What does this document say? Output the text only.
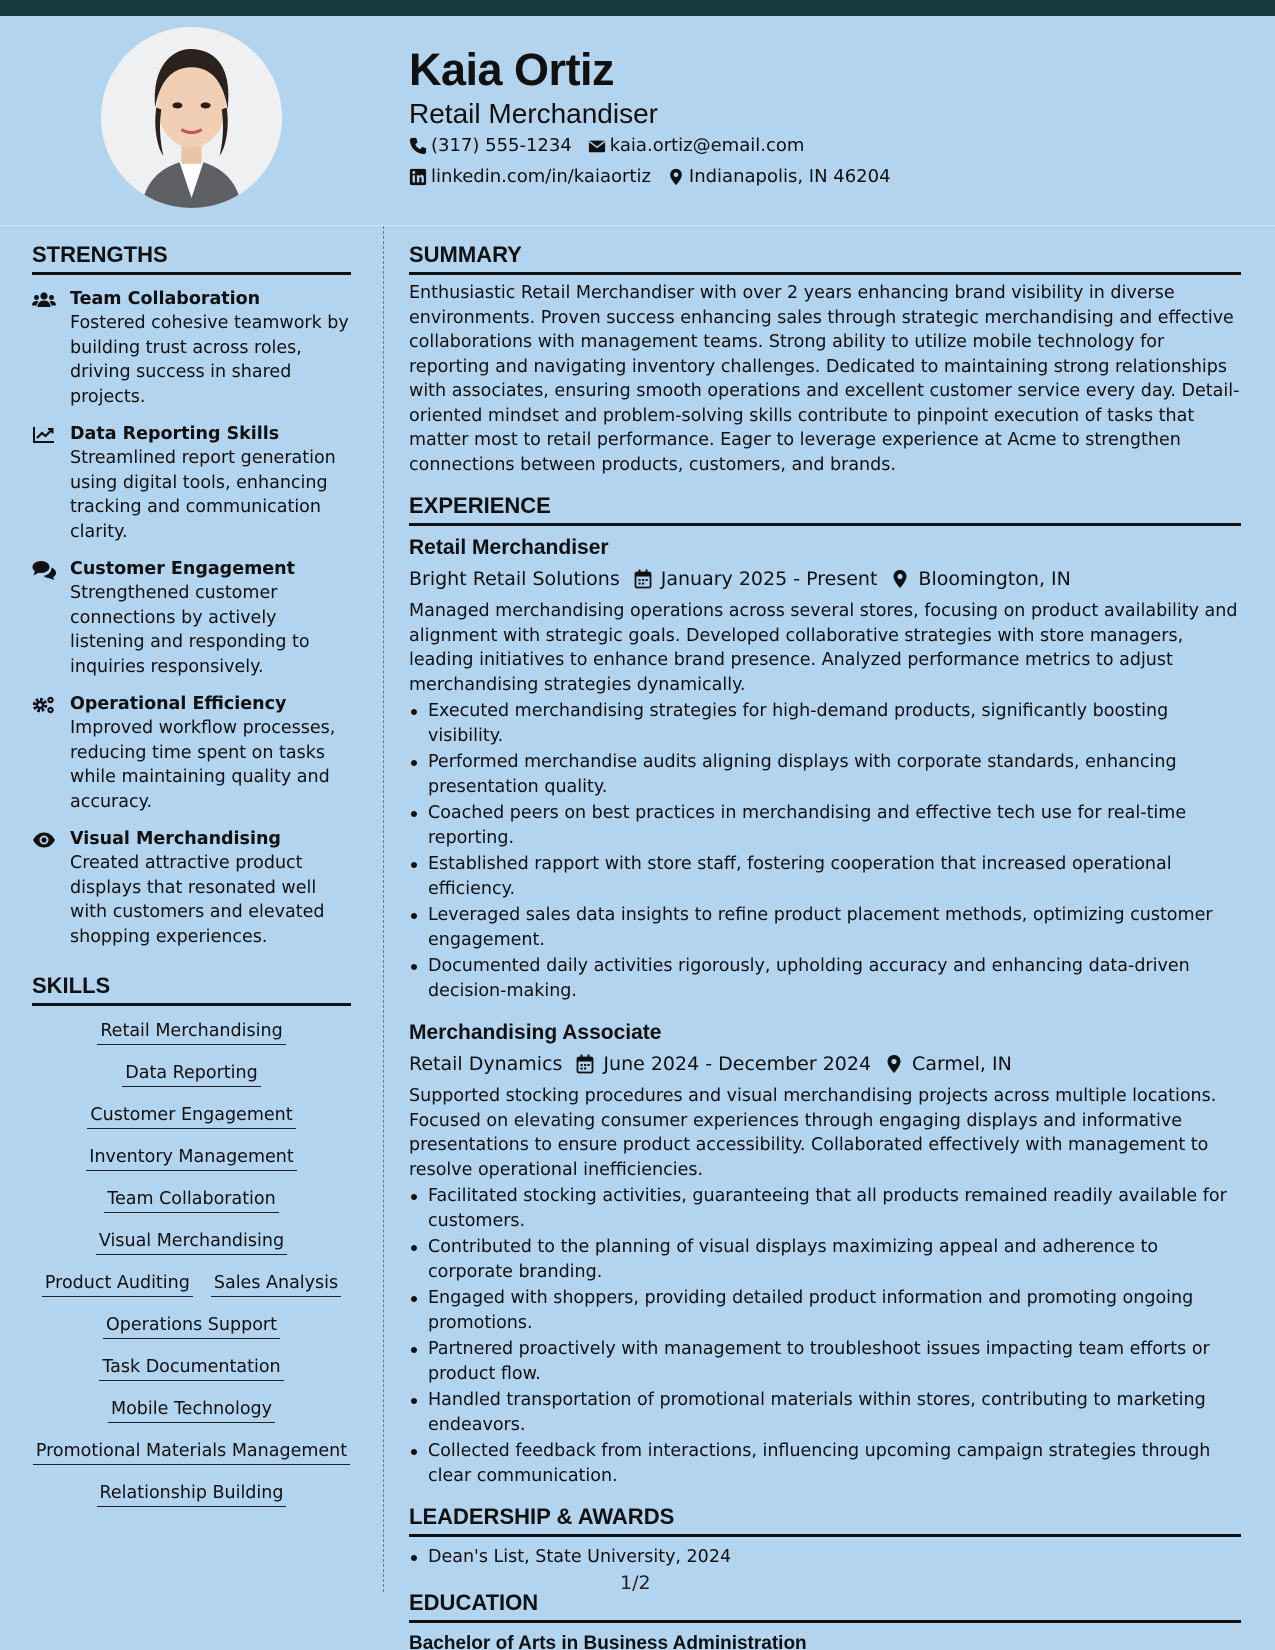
Kaia Ortiz
Retail Merchandiser
(317) 555-1234 kaia.ortiz@email.com
linkedin.com/in/kaiaortiz Indianapolis, IN 46204
STRENGTHS
Team Collaboration
Fostered cohesive teamwork by building trust across roles, driving success in shared projects.
Data Reporting Skills
Streamlined report generation using digital tools, enhancing tracking and communication clarity.
Customer Engagement
Strengthened customer connections by actively listening and responding to inquiries responsively.
Operational Efficiency
Improved workflow processes, reducing time spent on tasks while maintaining quality and accuracy.
Visual Merchandising
Created attractive product displays that resonated well with customers and elevated shopping experiences.
SKILLS
Retail Merchandising
Data Reporting
Customer Engagement
Inventory Management
Team Collaboration
Visual Merchandising
Product Auditing Sales Analysis
Operations Support
Task Documentation
Mobile Technology
Promotional Materials Management
Relationship Building
SUMMARY
Enthusiastic Retail Merchandiser with over 2 years enhancing brand visibility in diverse environments. Proven success enhancing sales through strategic merchandising and effective collaborations with management teams. Strong ability to utilize mobile technology for reporting and navigating inventory challenges. Dedicated to maintaining strong relationships with associates, ensuring smooth operations and excellent customer service every day. Detail-oriented mindset and problem-solving skills contribute to pinpoint execution of tasks that matter most to retail performance. Eager to leverage experience at Acme to strengthen connections between products, customers, and brands.
EXPERIENCE
Retail Merchandiser
Bright Retail Solutions January 2025 - Present Bloomington, IN
Managed merchandising operations across several stores, focusing on product availability and alignment with strategic goals. Developed collaborative strategies with store managers, leading initiatives to enhance brand presence. Analyzed performance metrics to adjust merchandising strategies dynamically.
Executed merchandising strategies for high-demand products, significantly boosting visibility.
Performed merchandise audits aligning displays with corporate standards, enhancing presentation quality.
Coached peers on best practices in merchandising and effective tech use for real-time reporting.
Established rapport with store staff, fostering cooperation that increased operational efficiency.
Leveraged sales data insights to refine product placement methods, optimizing customer engagement.
Documented daily activities rigorously, upholding accuracy and enhancing data-driven decision-making.
Merchandising Associate
Retail Dynamics June 2024 - December 2024 Carmel, IN
Supported stocking procedures and visual merchandising projects across multiple locations. Focused on elevating consumer experiences through engaging displays and informative presentations to ensure product accessibility. Collaborated effectively with management to resolve operational inefficiencies.
Facilitated stocking activities, guaranteeing that all products remained readily available for customers.
Contributed to the planning of visual displays maximizing appeal and adherence to corporate branding.
Engaged with shoppers, providing detailed product information and promoting ongoing promotions.
Partnered proactively with management to troubleshoot issues impacting team efforts or product flow.
Handled transportation of promotional materials within stores, contributing to marketing endeavors.
Collected feedback from interactions, influencing upcoming campaign strategies through clear communication.
LEADERSHIP & AWARDS
Dean's List, State University, 2024
EDUCATION
Bachelor of Arts in Business Administration
1/2
